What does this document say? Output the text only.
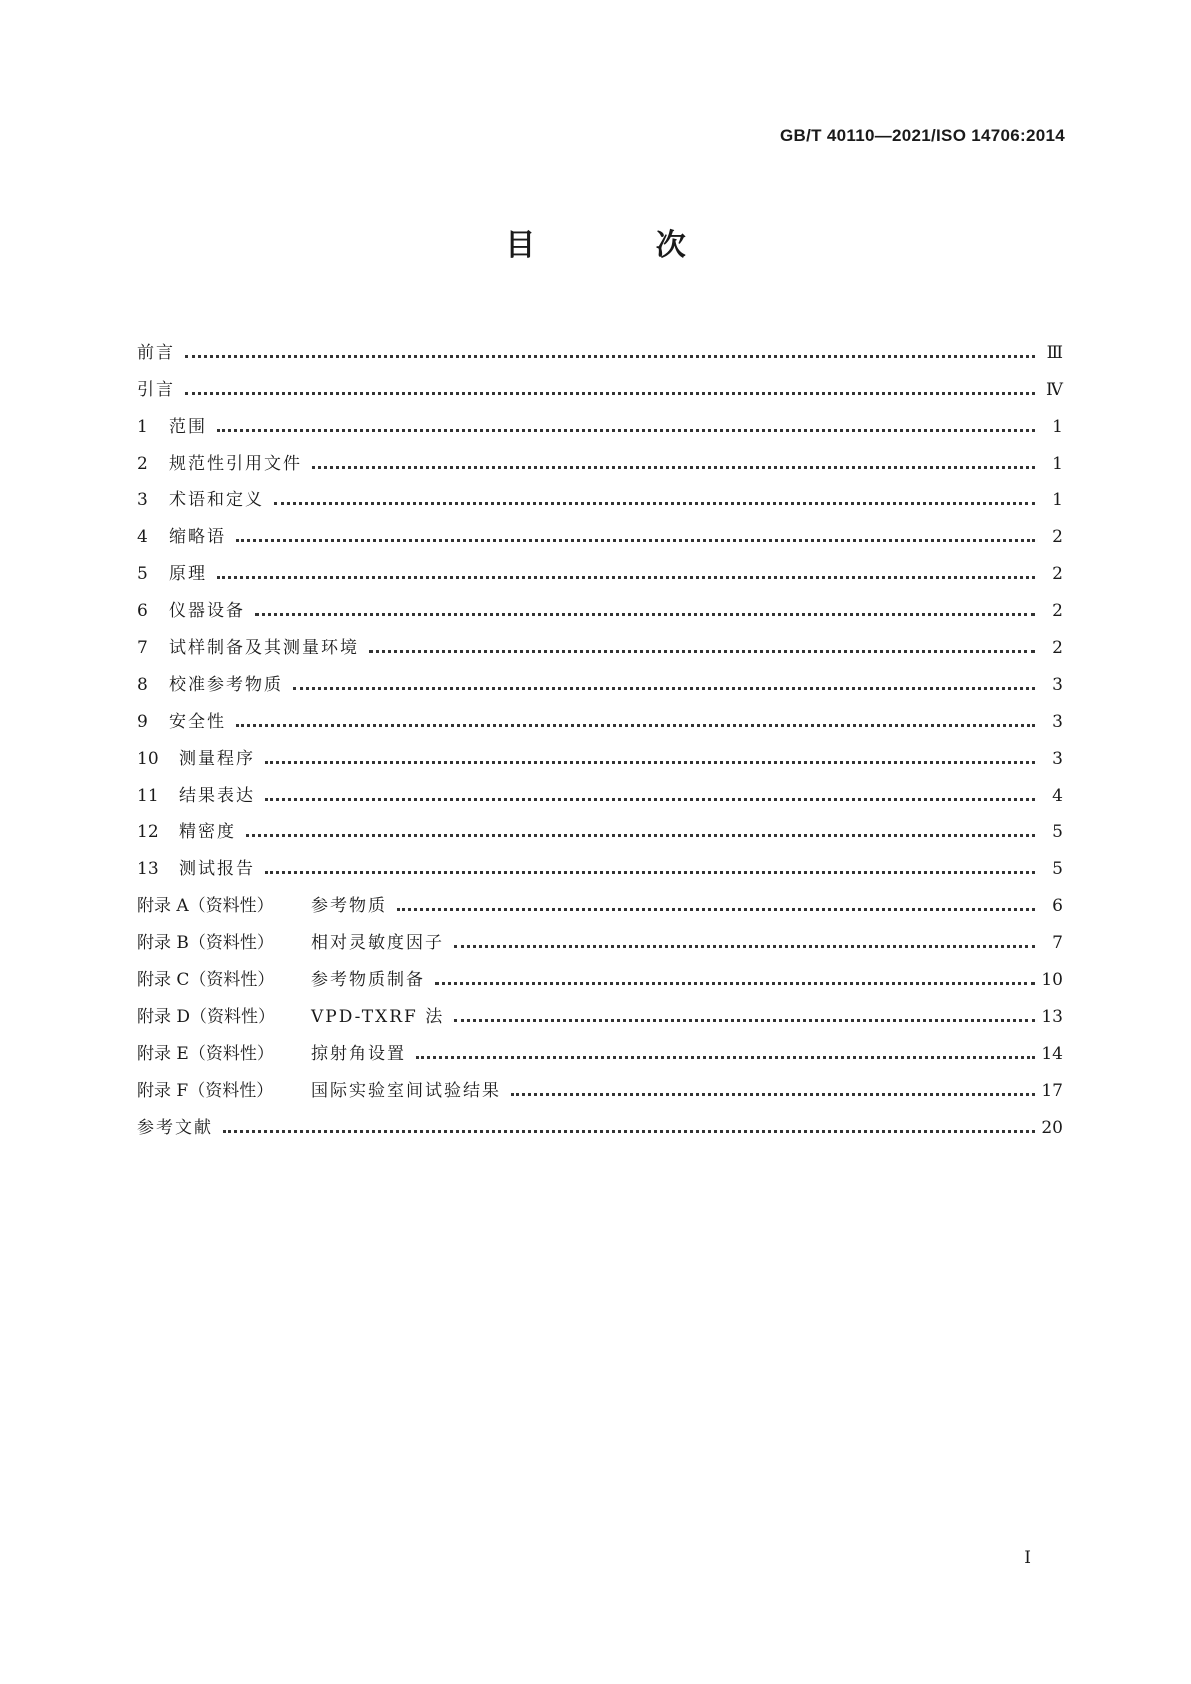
GB/T 40110—2021/ISO 14706:2014
目 次
前言	Ⅲ
引言	Ⅳ
1	范围	1
2	规范性引用文件	1
3	术语和定义	1
4	缩略语	2
5	原理	2
6	仪器设备	2
7	试样制备及其测量环境	2
8	校准参考物质	3
9	安全性	3
10	测量程序	3
11	结果表达	4
12	精密度	5
13	测试报告	5
附录 A（资料性）	参考物质	6
附录 B（资料性）	相对灵敏度因子	7
附录 C（资料性）	参考物质制备	10
附录 D（资料性）	VPD-TXRF 法	13
附录 E（资料性）	掠射角设置	14
附录 F（资料性）	国际实验室间试验结果	17
参考文献	20
I
